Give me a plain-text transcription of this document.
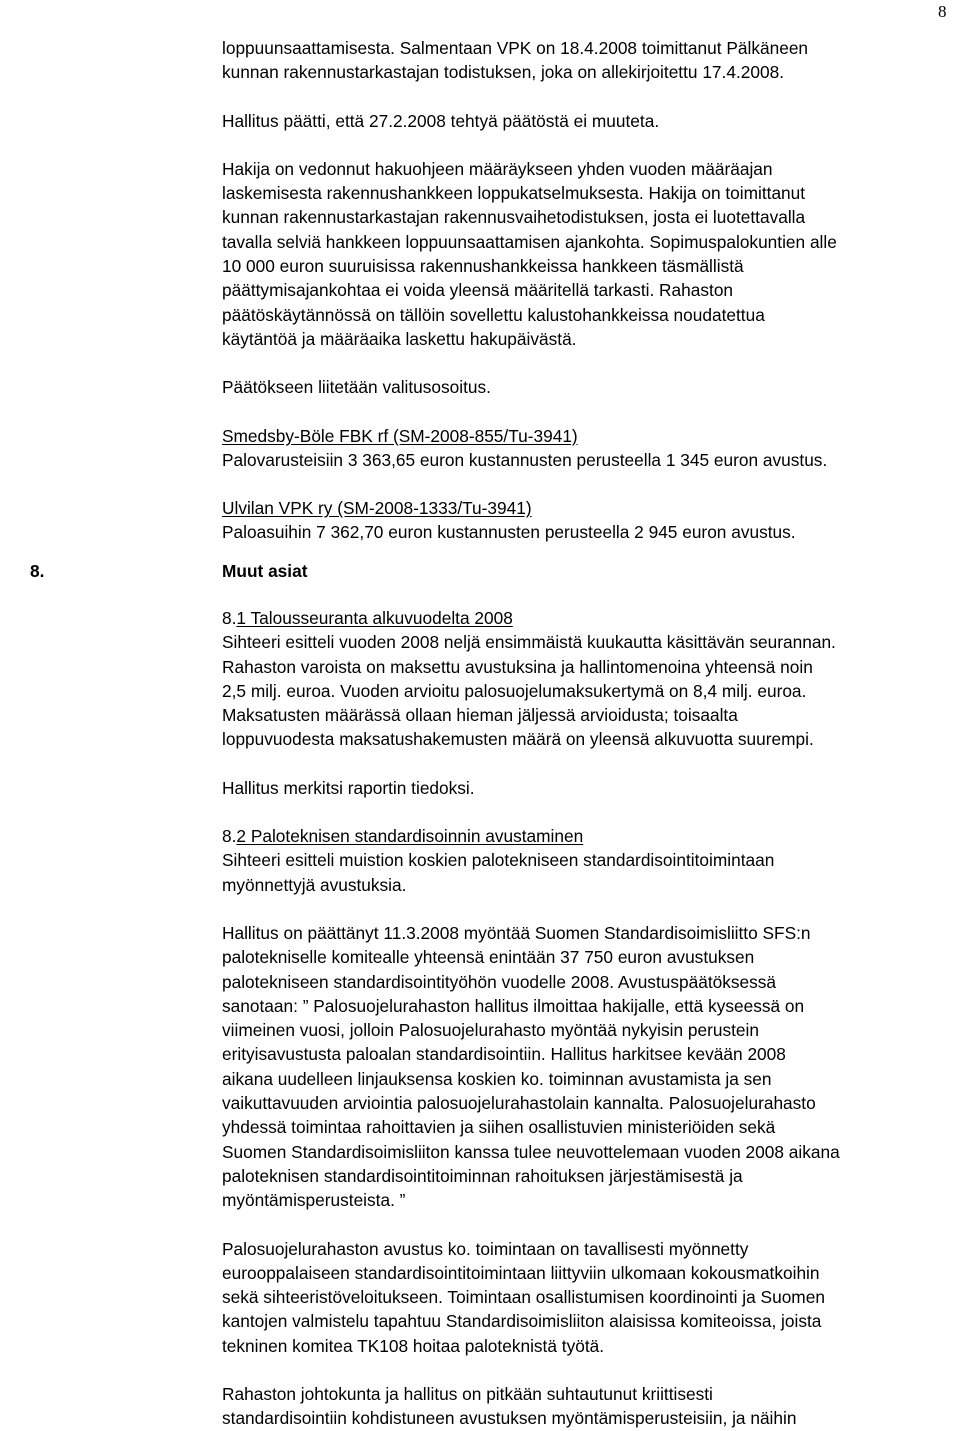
8

loppuunsaattamisesta. Salmentaan VPK on 18.4.2008 toimittanut Pälkäneen

kunnan rakennustarkastajan todistuksen, joka on allekirjoitettu 17.4.2008.

Hallitus päätti, että 27.2.2008 tehtyä päätöstä ei muuteta.

Hakija on vedonnut hakuohjeen määräykseen yhden vuoden määräajan

laskemisesta rakennushankkeen loppukatselmuksesta. Hakija on toimittanut

kunnan rakennustarkastajan rakennusvaihetodistuksen, josta ei luotettavalla

tavalla selviä hankkeen loppuunsaattamisen ajankohta. Sopimuspalokuntien alle

10 000 euron suuruisissa rakennushankkeissa hankkeen täsmällistä

päättymisajankohtaa ei voida yleensä määritellä tarkasti. Rahaston

päätöskäytännössä on tällöin sovellettu kalustohankkeissa noudatettua

käytäntöä ja määräaika laskettu hakupäivästä.

Päätökseen liitetään valitusosoitus.

Smedsby-Böle FBK rf (SM-2008-855/Tu-3941)

Palovarusteisiin 3 363,65 euron kustannusten perusteella 1 345 euron avustus.

Ulvilan VPK ry (SM-2008-1333/Tu-3941)

Paloasuihin 7 362,70 euron kustannusten perusteella 2 945 euron avustus.

8.	Muut asiat

8.1 Talousseuranta alkuvuodelta 2008

Sihteeri esitteli vuoden 2008 neljä ensimmäistä kuukautta käsittävän seurannan.

Rahaston varoista on maksettu avustuksina ja hallintomenoina yhteensä noin

2,5 milj. euroa. Vuoden arvioitu palosuojelumaksukertymä on 8,4 milj. euroa.

Maksatusten määrässä ollaan hieman jäljessä arvioidusta; toisaalta

loppuvuodesta maksatushakemusten määrä on yleensä alkuvuotta suurempi.

Hallitus merkitsi raportin tiedoksi.

8.2 Paloteknisen standardisoinnin avustaminen

Sihteeri esitteli muistion koskien palotekniseen standardisointitoimintaan

myönnettyjä avustuksia.

Hallitus on päättänyt 11.3.2008 myöntää Suomen Standardisoimisliitto SFS:n

palotekniselle komitealle yhteensä enintään 37 750 euron avustuksen

palotekniseen standardisointityöhön vuodelle 2008. Avustuspäätöksessä

sanotaan: ” Palosuojelurahaston hallitus ilmoittaa hakijalle, että kyseessä on

viimeinen vuosi, jolloin Palosuojelurahasto myöntää nykyisin perustein

erityisavustusta paloalan standardisointiin. Hallitus harkitsee kevään 2008

aikana uudelleen linjauksensa koskien ko. toiminnan avustamista ja sen

vaikuttavuuden arviointia palosuojelurahastolain kannalta. Palosuojelurahasto

yhdessä toimintaa rahoittavien ja siihen osallistuvien ministeriöiden sekä

Suomen Standardisoimisliiton kanssa tulee neuvottelemaan vuoden 2008 aikana

paloteknisen standardisointitoiminnan rahoituksen järjestämisestä ja

myöntämisperusteista. ”

Palosuojelurahaston avustus ko. toimintaan on tavallisesti myönnetty

eurooppalaiseen standardisointitoimintaan liittyviin ulkomaan kokousmatkoihin

sekä sihteeristöveloitukseen. Toimintaan osallistumisen koordinointi ja Suomen

kantojen valmistelu tapahtuu Standardisoimisliiton alaisissa komiteoissa, joista

tekninen komitea TK108 hoitaa paloteknistä työtä.

Rahaston johtokunta ja hallitus on pitkään suhtautunut kriittisesti

standardisointiin kohdistuneen avustuksen myöntämisperusteisiin, ja näihin
